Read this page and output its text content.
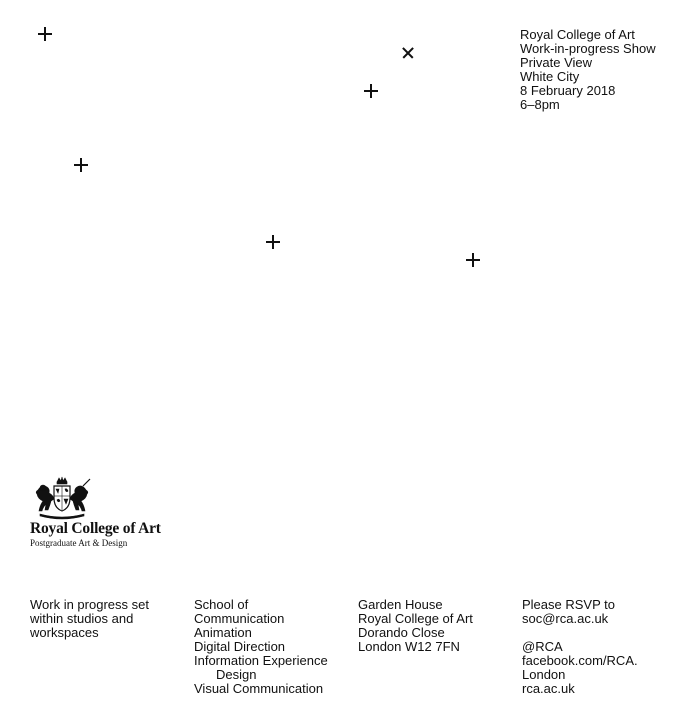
Royal College of Art
Work-in-progress Show
Private View
White City
8 February 2018
6–8pm
Royal College of Art
Postgraduate Art & Design
Work in progress set
within studios and
workspaces
School of
Communication
Animation
Digital Direction
Information Experience
Design
Visual Communication
Garden House
Royal College of Art
Dorando Close
London W12 7FN
Please RSVP to
soc@rca.ac.uk
@RCA
facebook.com/RCA.
London
rca.ac.uk
